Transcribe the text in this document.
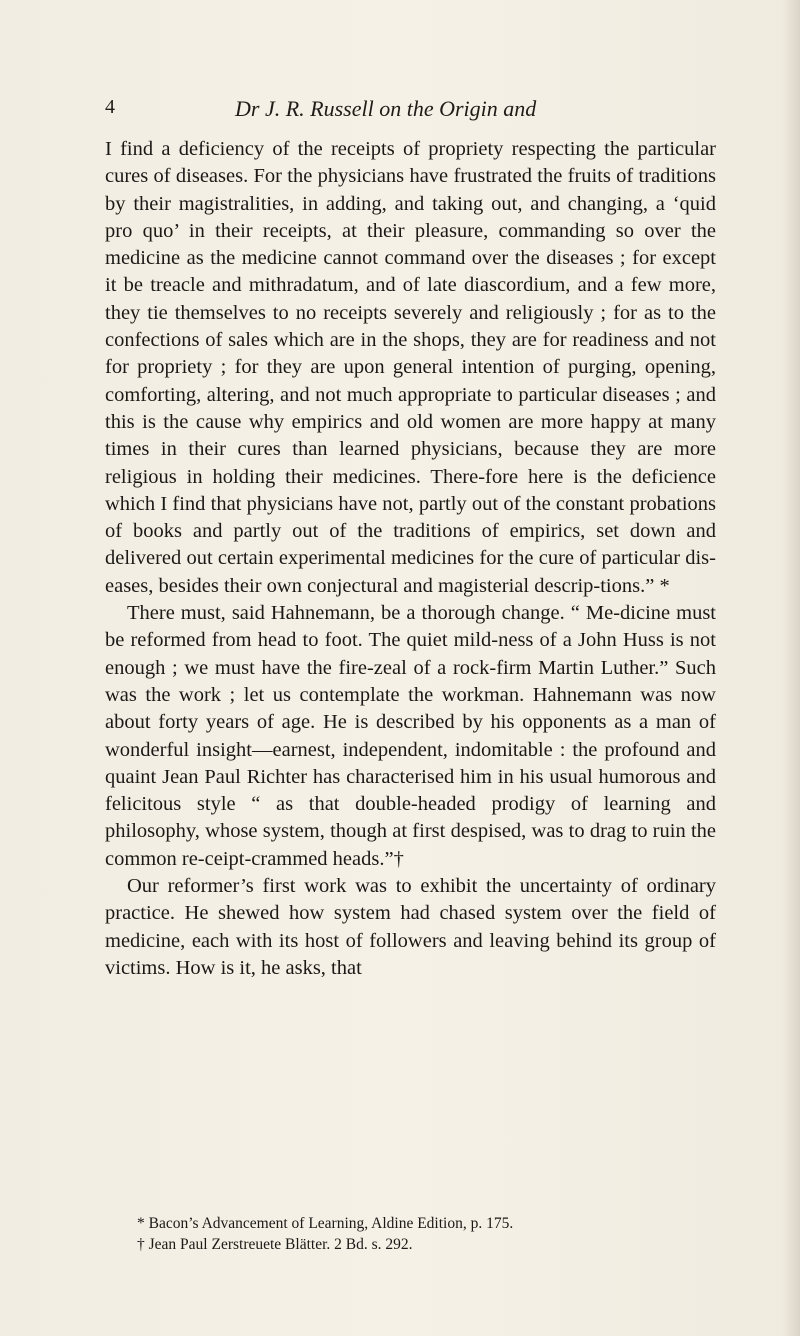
4	Dr J. R. Russell on the Origin and

I find a deficiency of the receipts of propriety respecting the particular cures of diseases. For the physicians have frustrated the fruits of traditions by their magistralities, in adding, and taking out, and changing, a ‘quid pro quo’ in their receipts, at their pleasure, commanding so over the medicine as the medicine cannot command over the diseases ; for except it be treacle and mithradatum, and of late diascordium, and a few more, they tie themselves to no receipts severely and religiously ; for as to the confections of sales which are in the shops, they are for readiness and not for propriety ; for they are upon general intention of purging, opening, comforting, altering, and not much appropriate to particular diseases ; and this is the cause why empirics and old women are more happy at many times in their cures than learned physicians, because they are more religious in holding their medicines. There-fore here is the deficience which I find that physicians have not, partly out of the constant probations of books and partly out of the traditions of empirics, set down and delivered out certain experimental medicines for the cure of particular dis-eases, besides their own conjectural and magisterial descrip-tions.” *

There must, said Hahnemann, be a thorough change. “ Me-dicine must be reformed from head to foot. The quiet mild-ness of a John Huss is not enough ; we must have the fire-zeal of a rock-firm Martin Luther.” Such was the work ; let us contemplate the workman. Hahnemann was now about forty years of age. He is described by his opponents as a man of wonderful insight—earnest, independent, indomitable : the profound and quaint Jean Paul Richter has characterised him in his usual humorous and felicitous style “ as that double-headed prodigy of learning and philosophy, whose system, though at first despised, was to drag to ruin the common re-ceipt-crammed heads.”†

Our reformer’s first work was to exhibit the uncertainty of ordinary practice. He shewed how system had chased system over the field of medicine, each with its host of followers and leaving behind its group of victims. How is it, he asks, that

* Bacon’s Advancement of Learning, Aldine Edition, p. 175.

† Jean Paul Zerstreuete Blätter. 2 Bd. s. 292.
